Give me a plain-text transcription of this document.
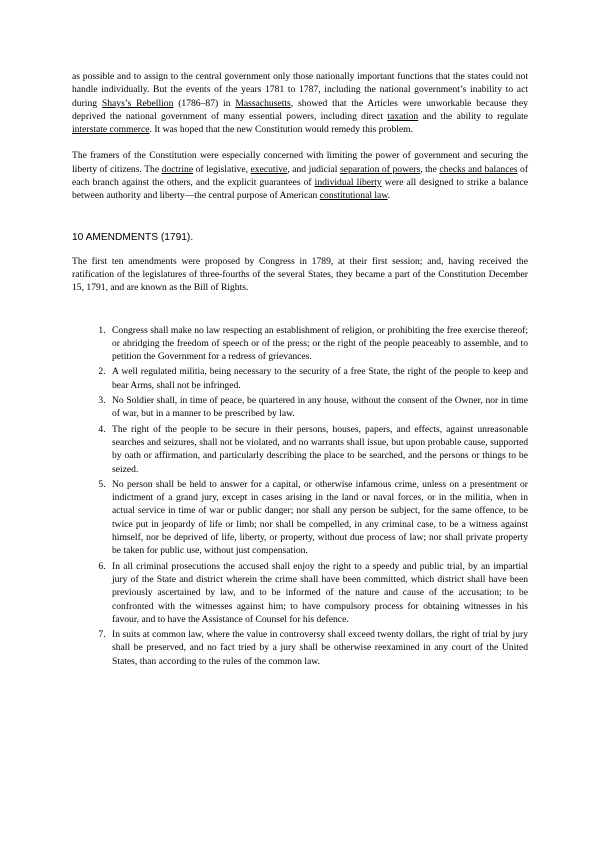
as possible and to assign to the central government only those nationally important functions that the states could not handle individually. But the events of the years 1781 to 1787, including the national government’s inability to act during Shays’s Rebellion (1786–87) in Massachusetts, showed that the Articles were unworkable because they deprived the national government of many essential powers, including direct taxation and the ability to regulate interstate commerce. It was hoped that the new Constitution would remedy this problem.

The framers of the Constitution were especially concerned with limiting the power of government and securing the liberty of citizens. The doctrine of legislative, executive, and judicial separation of powers, the checks and balances of each branch against the others, and the explicit guarantees of individual liberty were all designed to strike a balance between authority and liberty—the central purpose of American constitutional law.

10 AMENDMENTS (1791).

The first ten amendments were proposed by Congress in 1789, at their first session; and, having received the ratification of the legislatures of three-fourths of the several States, they became a part of the Constitution December 15, 1791, and are known as the Bill of Rights.

1. Congress shall make no law respecting an establishment of religion, or prohibiting the free exercise thereof; or abridging the freedom of speech or of the press; or the right of the people peaceably to assemble, and to petition the Government for a redress of grievances.
2. A well regulated militia, being necessary to the security of a free State, the right of the people to keep and bear Arms, shall not be infringed.
3. No Soldier shall, in time of peace, be quartered in any house, without the consent of the Owner, nor in time of war, but in a manner to be prescribed by law.
4. The right of the people to be secure in their persons, houses, papers, and effects, against unreasonable searches and seizures, shall not be violated, and no warrants shall issue, but upon probable cause, supported by oath or affirmation, and particularly describing the place to be searched, and the persons or things to be seized.
5. No person shall be held to answer for a capital, or otherwise infamous crime, unless on a presentment or indictment of a grand jury, except in cases arising in the land or naval forces, or in the militia, when in actual service in time of war or public danger; nor shall any person be subject, for the same offence, to be twice put in jeopardy of life or limb; nor shall be compelled, in any criminal case, to be a witness against himself, nor be deprived of life, liberty, or property, without due process of law; nor shall private property be taken for public use, without just compensation.
6. In all criminal prosecutions the accused shall enjoy the right to a speedy and public trial, by an impartial jury of the State and district wherein the crime shall have been committed, which district shall have been previously ascertained by law, and to be informed of the nature and cause of the accusation; to be confronted with the witnesses against him; to have compulsory process for obtaining witnesses in his favour, and to have the Assistance of Counsel for his defence.
7. In suits at common law, where the value in controversy shall exceed twenty dollars, the right of trial by jury shall be preserved, and no fact tried by a jury shall be otherwise reexamined in any court of the United States, than according to the rules of the common law.
